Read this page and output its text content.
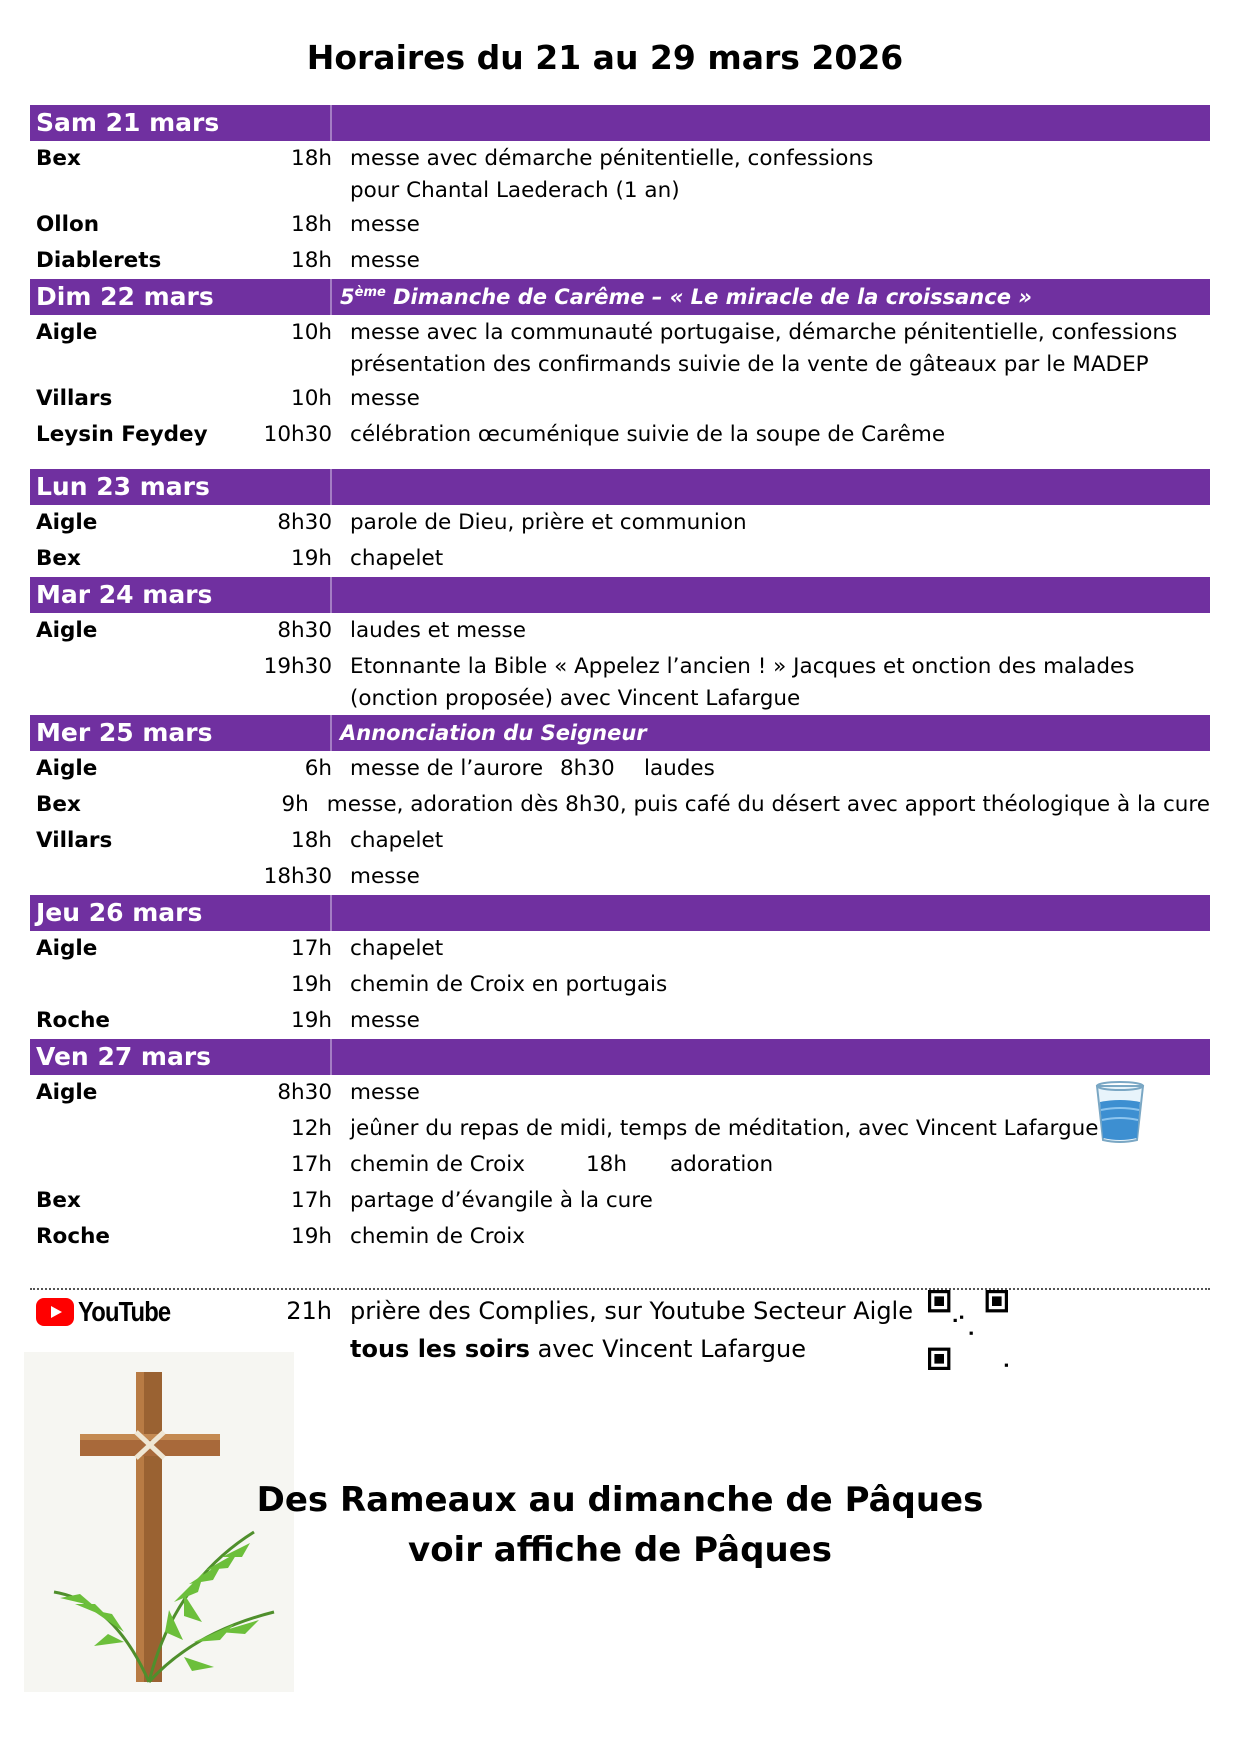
Horaires du 21 au 29 mars 2026
Sam 21 mars
Bex	18h messe avec démarche pénitentielle, confessions
pour Chantal Laederach (1 an)
Ollon	18h messe
Diablerets	18h messe
Dim 22 mars	5ème Dimanche de Carême – « Le miracle de la croissance »
Aigle	10h messe avec la communauté portugaise, démarche pénitentielle, confessions
présentation des confirmands suivie de la vente de gâteaux par le MADEP
Villars	10h messe
Leysin Feydey	10h30 célébration œcuménique suivie de la soupe de Carême
Lun 23 mars
Aigle	8h30 parole de Dieu, prière et communion
Bex	19h chapelet
Mar 24 mars
Aigle	8h30 laudes et messe
19h30 Etonnante la Bible « Appelez l’ancien ! » Jacques et onction des malades
(onction proposée) avec Vincent Lafargue
Mer 25 mars	Annonciation du Seigneur
Aigle	6h messe de l’aurore 8h30	laudes
Bex	9h messe, adoration dès 8h30, puis café du désert avec apport théologique à la cure
Villars	18h chapelet
18h30 messe
Jeu 26 mars
Aigle	17h chapelet
19h chemin de Croix en portugais
Roche	19h messe
Ven 27 mars
Aigle	8h30 messe
12h jeûner du repas de midi, temps de méditation, avec Vincent Lafargue
17h chemin de Croix	18h	adoration
Bex	17h partage d’évangile à la cure
Roche	19h chemin de Croix
YouTube	21h prière des Complies, sur Youtube Secteur Aigle
tous les soirs avec Vincent Lafargue
Des Rameaux au dimanche de Pâques
voir affiche de Pâques
